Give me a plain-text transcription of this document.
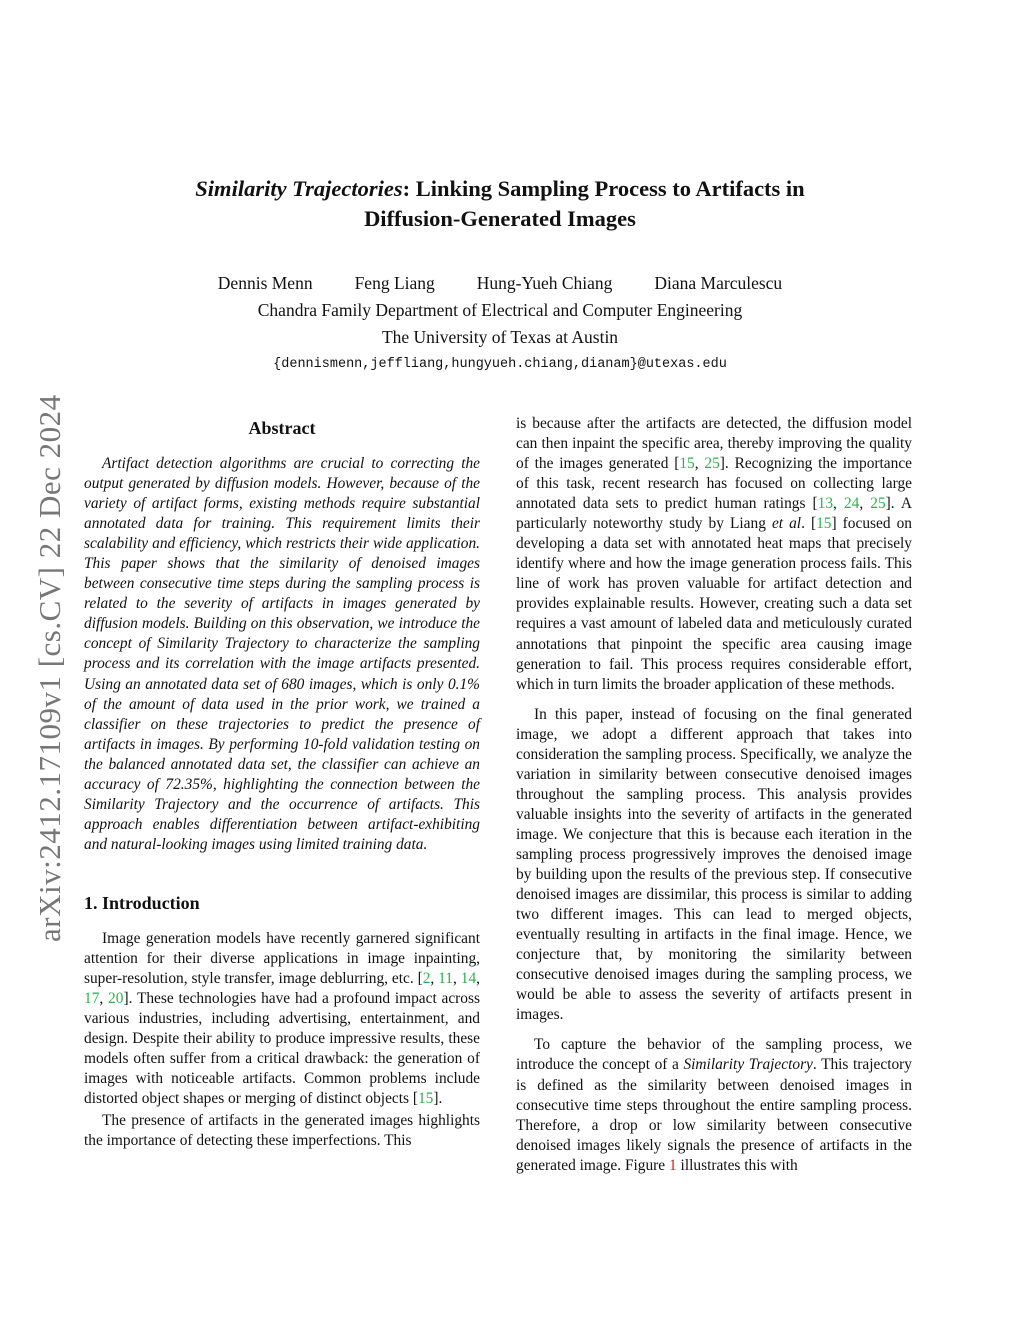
arXiv:2412.17109v1 [cs.CV] 22 Dec 2024
Similarity Trajectories: Linking Sampling Process to Artifacts in
Diffusion-Generated Images
Dennis Menn Feng Liang Hung-Yueh Chiang Diana Marculescu
Chandra Family Department of Electrical and Computer Engineering
The University of Texas at Austin
{dennismenn,jeffliang,hungyueh.chiang,dianam}@utexas.edu
Abstract

Artifact detection algorithms are crucial to correcting the output generated by diffusion models. However, because of the variety of artifact forms, existing methods require substantial annotated data for training. This requirement limits their scalability and efficiency, which restricts their wide application. This paper shows that the similarity of denoised images between consecutive time steps during the sampling process is related to the severity of artifacts in images generated by diffusion models. Building on this observation, we introduce the concept of Similarity Trajectory to characterize the sampling process and its correlation with the image artifacts presented. Using an annotated data set of 680 images, which is only 0.1% of the amount of data used in the prior work, we trained a classifier on these trajectories to predict the presence of artifacts in images. By performing 10-fold validation testing on the balanced annotated data set, the classifier can achieve an accuracy of 72.35%, highlighting the connection between the Similarity Trajectory and the occurrence of artifacts. This approach enables differentiation between artifact-exhibiting and natural-looking images using limited training data.

1. Introduction

Image generation models have recently garnered significant attention for their diverse applications in image inpainting, super-resolution, style transfer, image deblurring, etc. [2, 11, 14, 17, 20]. These technologies have had a profound impact across various industries, including advertising, entertainment, and design. Despite their ability to produce impressive results, these models often suffer from a critical drawback: the generation of images with noticeable artifacts. Common problems include distorted object shapes or merging of distinct objects [15].

The presence of artifacts in the generated images highlights the importance of detecting these imperfections. This

is because after the artifacts are detected, the diffusion model can then inpaint the specific area, thereby improving the quality of the images generated [15, 25]. Recognizing the importance of this task, recent research has focused on collecting large annotated data sets to predict human ratings [13, 24, 25]. A particularly noteworthy study by Liang et al. [15] focused on developing a data set with annotated heat maps that precisely identify where and how the image generation process fails. This line of work has proven valuable for artifact detection and provides explainable results. However, creating such a data set requires a vast amount of labeled data and meticulously curated annotations that pinpoint the specific area causing image generation to fail. This process requires considerable effort, which in turn limits the broader application of these methods.

In this paper, instead of focusing on the final generated image, we adopt a different approach that takes into consideration the sampling process. Specifically, we analyze the variation in similarity between consecutive denoised images throughout the sampling process. This analysis provides valuable insights into the severity of artifacts in the generated image. We conjecture that this is because each iteration in the sampling process progressively improves the denoised image by building upon the results of the previous step. If consecutive denoised images are dissimilar, this process is similar to adding two different images. This can lead to merged objects, eventually resulting in artifacts in the final image. Hence, we conjecture that, by monitoring the similarity between consecutive denoised images during the sampling process, we would be able to assess the severity of artifacts present in images.

To capture the behavior of the sampling process, we introduce the concept of a Similarity Trajectory. This trajectory is defined as the similarity between denoised images in consecutive time steps throughout the entire sampling process. Therefore, a drop or low similarity between consecutive denoised images likely signals the presence of artifacts in the generated image. Figure 1 illustrates this with
